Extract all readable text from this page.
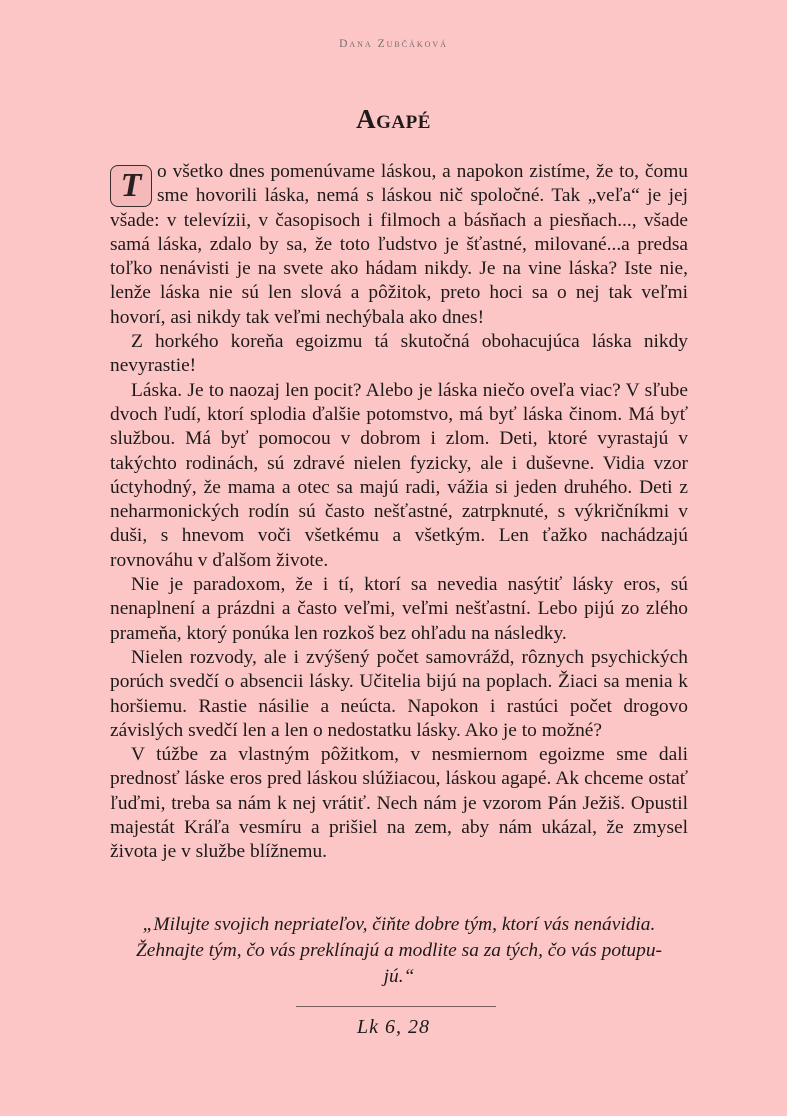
Dana Zubčáková
Agapé

T o všetko dnes pomenúvame láskou, a napokon zistíme, že to, čomu sme hovorili láska, nemá s láskou nič spoločné. Tak „veľa“ je jej všade: v televízii, v časopisoch i filmoch a básňach a piesňach..., všade samá láska, zdalo by sa, že toto ľudstvo je šťastné, milované...a predsa toľko nenávisti je na svete ako hádam nikdy. Je na vine láska? Iste nie, lenže láska nie sú len slová a pôžitok, preto hoci sa o nej tak veľmi hovorí, asi nikdy tak veľmi nechýbala ako dnes!

Z horkého koreňa egoizmu tá skutočná obohacujúca láska nikdy nevyrastie!

Láska. Je to naozaj len pocit? Alebo je láska niečo oveľa viac? V sľube dvoch ľudí, ktorí splodia ďalšie potomstvo, má byť láska činom. Má byť službou. Má byť pomocou v dobrom i zlom. Deti, ktoré vyrastajú v takýchto rodinách, sú zdravé nielen fyzicky, ale i duševne. Vidia vzor úctyhodný, že mama a otec sa majú radi, vážia si jeden druhého. Deti z neharmonických rodín sú často nešťastné, zatrpknuté, s výkričníkmi v duši, s hnevom voči všetkému a všetkým. Len ťažko nachádzajú rovnováhu v ďalšom živote.

Nie je paradoxom, že i tí, ktorí sa nevedia nasýtiť lásky eros, sú nenaplnení a prázdni a často veľmi, veľmi nešťastní. Lebo pijú zo zlého prameňa, ktorý ponúka len rozkoš bez ohľadu na následky.

Nielen rozvody, ale i zvýšený počet samovrážd, rôznych psychických porúch svedčí o absencii lásky. Učitelia bijú na poplach. Žiaci sa menia k horšiemu. Rastie násilie a neúcta. Napokon i rastúci počet drogovo závislých svedčí len a len o nedostatku lásky. Ako je to možné?

V túžbe za vlastným pôžitkom, v nesmiernom egoizme sme dali prednosť láske eros pred láskou slúžiacou, láskou agapé. Ak chceme ostať ľuďmi, treba sa nám k nej vrátiť. Nech nám je vzorom Pán Ježiš. Opustil majestát Kráľa vesmíru a prišiel na zem, aby nám ukázal, že zmysel života je v službe blížnemu.

„Milujte svojich nepriateľov, čiňte dobre tým, ktorí vás nenávidia.
Žehnajte tým, čo vás preklínajú a modlite sa za tých, čo vás potupu-
jú.“
Lk 6, 28
